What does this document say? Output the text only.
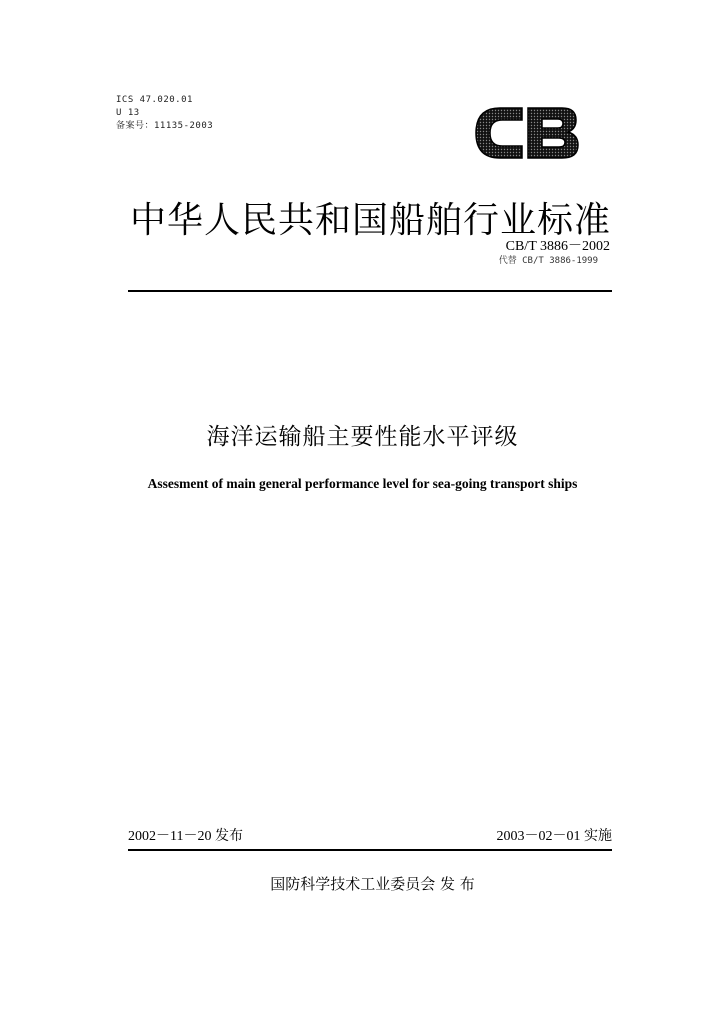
ICS 47.020.01
U 13
备案号：11135-2003
中华人民共和国船舶行业标准
CB/T 3886－2002
代替 CB/T 3886-1999
海洋运输船主要性能水平评级
Assesment of main general performance level for sea-going transport ships
2002－11－20 发布	2003－02－01 实施
国防科学技术工业委员会 发 布
